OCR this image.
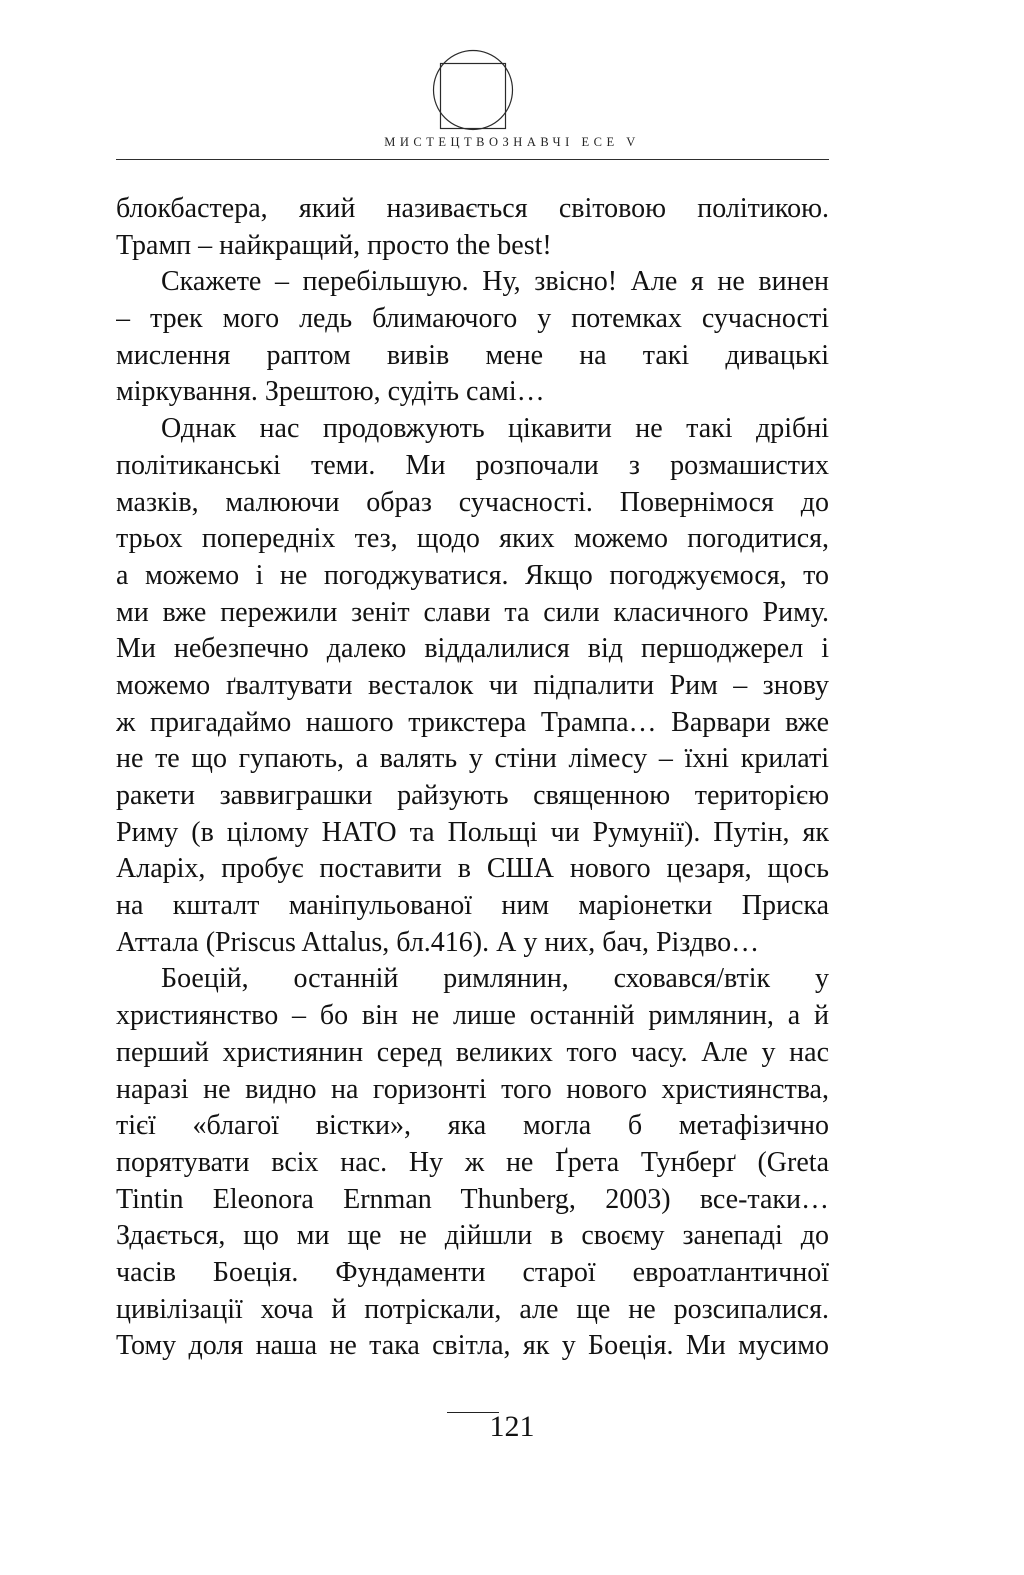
МИСТЕЦТВОЗНАВЧІ ЕСЕ V
блокбастера, який називається світовою політикою.
Трамп – найкращий, просто the best!
Скажете – перебільшую. Ну, звісно! Але я не винен
– трек мого ледь блимаючого у потемках сучасності
мислення раптом вивів мене на такі дивацькі
міркування. Зрештою, судіть самі…
Однак нас продовжують цікавити не такі дрібні
політиканські теми. Ми розпочали з розмашистих
мазків, малюючи образ сучасності. Повернімося до
трьох попередніх тез, щодо яких можемо погодитися,
а можемо і не погоджуватися. Якщо погоджуємося, то
ми вже пережили зеніт слави та сили класичного Риму.
Ми небезпечно далеко віддалилися від першоджерел і
можемо ґвалтувати весталок чи підпалити Рим – знову
ж пригадаймо нашого трикстера Трампа… Варвари вже
не те що гупають, а валять у стіни лімесу – їхні крилаті
ракети заввиграшки райзують священною територією
Риму (в цілому НАТО та Польщі чи Румунії). Путін, як
Аларіх, пробує поставити в США нового цезаря, щось
на кшталт маніпульованої ним маріонетки Приска
Аттала (Priscus Attalus, бл.416). А у них, бач, Різдво…
Боецій, останній римлянин, сховався/втік у
християнство – бо він не лише останній римлянин, а й
перший християнин серед великих того часу. Але у нас
наразі не видно на горизонті того нового християнства,
тієї «благої вістки», яка могла б метафізично
порятувати всіх нас. Ну ж не Ґрета Тунберґ (Greta
Tintin Eleonora Ernman Thunberg, 2003) все-таки…
Здається, що ми ще не дійшли в своєму занепаді до
часів Боеція. Фундаменти старої евроатлантичної
цивілізації хоча й потріскали, але ще не розсипалися.
Тому доля наша не така світла, як у Боеція. Ми мусимо
121
